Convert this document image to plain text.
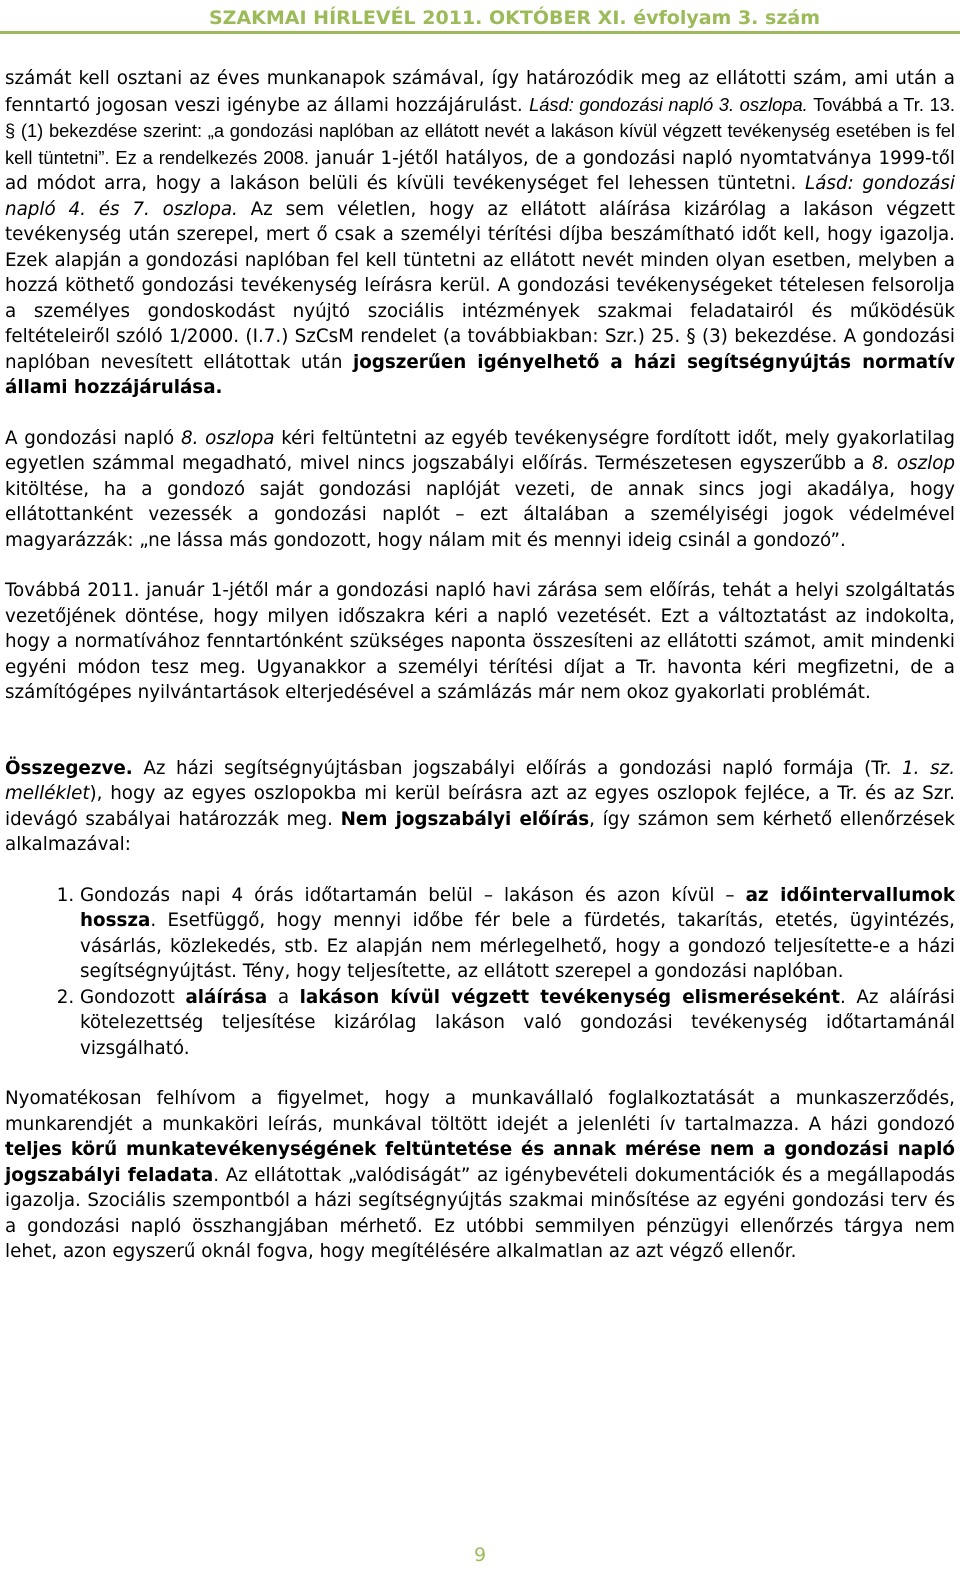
SZAKMAI HÍRLEVÉL 2011. OKTÓBER XI. évfolyam 3. szám

számát kell osztani az éves munkanapok számával, így határozódik meg az ellátotti szám, ami után a fenntartó jogosan veszi igénybe az állami hozzájárulást. Lásd: gondozási napló 3. oszlopa. Továbbá a Tr. 13. § (1) bekezdése szerint: „a gondozási naplóban az ellátott nevét a lakáson kívül végzett tevékenység esetében is fel kell tüntetni”. Ez a rendelkezés 2008. január 1-jétől hatályos, de a gondozási napló nyomtatványa 1999-től ad módot arra, hogy a lakáson belüli és kívüli tevékenységet fel lehessen tüntetni. Lásd: gondozási napló 4. és 7. oszlopa. Az sem véletlen, hogy az ellátott aláírása kizárólag a lakáson végzett tevékenység után szerepel, mert ő csak a személyi térítési díjba beszámítható időt kell, hogy igazolja. Ezek alapján a gondozási naplóban fel kell tüntetni az ellátott nevét minden olyan esetben, melyben a hozzá köthető gondozási tevékenység leírásra kerül. A gondozási tevékenységeket tételesen felsorolja a személyes gondoskodást nyújtó szociális intézmények szakmai feladatairól és működésük feltételeiről szóló 1/2000. (I.7.) SzCsM rendelet (a továbbiakban: Szr.) 25. § (3) bekezdése. A gondozási naplóban nevesített ellátottak után jogszerűen igényelhető a házi segítségnyújtás normatív állami hozzájárulása.

A gondozási napló 8. oszlopa kéri feltüntetni az egyéb tevékenységre fordított időt, mely gyakorlatilag egyetlen számmal megadható, mivel nincs jogszabályi előírás. Természetesen egyszerűbb a 8. oszlop kitöltése, ha a gondozó saját gondozási naplóját vezeti, de annak sincs jogi akadálya, hogy ellátottanként vezessék a gondozási naplót – ezt általában a személyiségi jogok védelmével magyarázzák: „ne lássa más gondozott, hogy nálam mit és mennyi ideig csinál a gondozó”.

Továbbá 2011. január 1-jétől már a gondozási napló havi zárása sem előírás, tehát a helyi szolgáltatás vezetőjének döntése, hogy milyen időszakra kéri a napló vezetését. Ezt a változtatást az indokolta, hogy a normatívához fenntartónként szükséges naponta összesíteni az ellátotti számot, amit mindenki egyéni módon tesz meg. Ugyanakkor a személyi térítési díjat a Tr. havonta kéri megfizetni, de a számítógépes nyilvántartások elterjedésével a számlázás már nem okoz gyakorlati problémát.

Összegezve. Az házi segítségnyújtásban jogszabályi előírás a gondozási napló formája (Tr. 1. sz. melléklet), hogy az egyes oszlopokba mi kerül beírásra azt az egyes oszlopok fejléce, a Tr. és az Szr. idevágó szabályai határozzák meg. Nem jogszabályi előírás, így számon sem kérhető ellenőrzések alkalmazával:

1. Gondozás napi 4 órás időtartamán belül – lakáson és azon kívül – az időintervallumok hossza. Esetfüggő, hogy mennyi időbe fér bele a fürdetés, takarítás, etetés, ügyintézés, vásárlás, közlekedés, stb. Ez alapján nem mérlegelhető, hogy a gondozó teljesítette-e a házi segítségnyújtást. Tény, hogy teljesítette, az ellátott szerepel a gondozási naplóban.
2. Gondozott aláírása a lakáson kívül végzett tevékenység elismeréseként. Az aláírási kötelezettség teljesítése kizárólag lakáson való gondozási tevékenység időtartamánál vizsgálható.

Nyomatékosan felhívom a figyelmet, hogy a munkavállaló foglalkoztatását a munkaszerződés, munkarendjét a munkaköri leírás, munkával töltött idejét a jelenléti ív tartalmazza. A házi gondozó teljes körű munkatevékenységének feltüntetése és annak mérése nem a gondozási napló jogszabályi feladata. Az ellátottak „valódiságát” az igénybevételi dokumentációk és a megállapodás igazolja. Szociális szempontból a házi segítségnyújtás szakmai minősítése az egyéni gondozási terv és a gondozási napló összhangjában mérhető. Ez utóbbi semmilyen pénzügyi ellenőrzés tárgya nem lehet, azon egyszerű oknál fogva, hogy megítélésére alkalmatlan az azt végző ellenőr.

9
